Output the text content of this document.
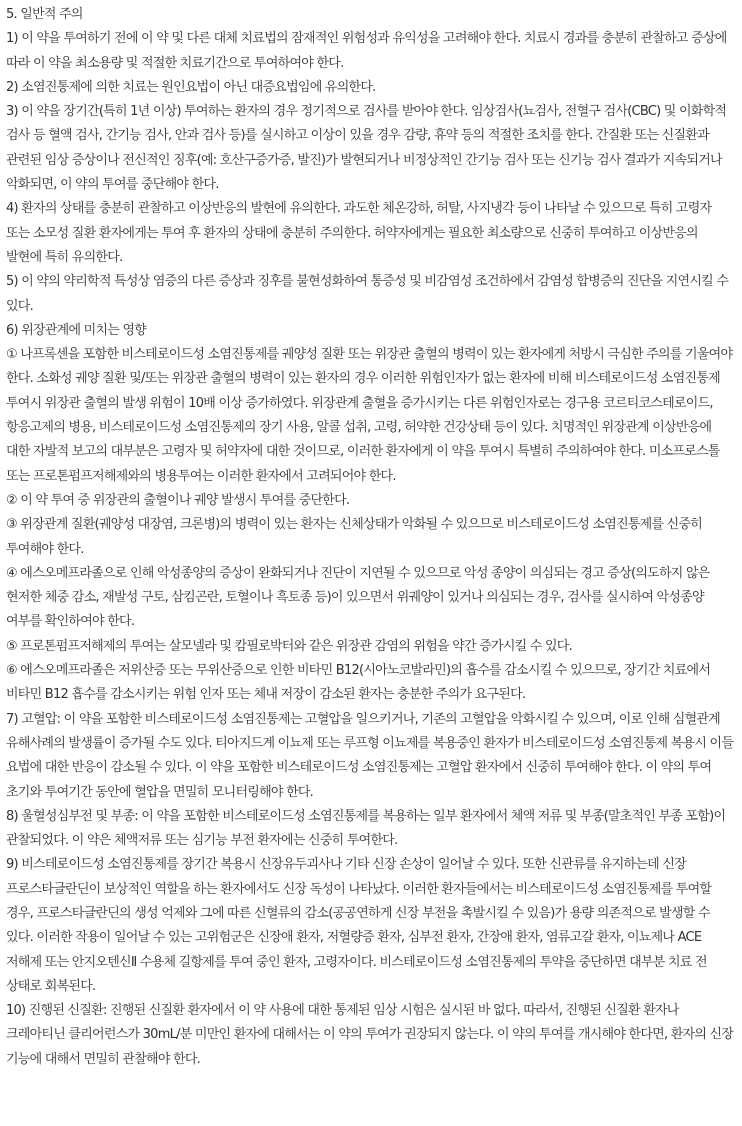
5. 일반적 주의

1) 이 약을 투여하기 전에 이 약 및 다른 대체 치료법의 잠재적인 위험성과 유익성을 고려해야 한다. 치료시 경과를 충분히 관찰하고 증상에 따라 이 약을 최소용량 및 적절한 치료기간으로 투여하여야 한다.

2) 소염진통제에 의한 치료는 원인요법이 아닌 대증요법임에 유의한다.

3) 이 약을 장기간(특히 1년 이상) 투여하는 환자의 경우 정기적으로 검사를 받아야 한다. 임상검사(뇨검사, 전혈구 검사(CBC) 및 이화학적 검사 등 혈액 검사, 간기능 검사, 안과 검사 등)를 실시하고 이상이 있을 경우 감량, 휴약 등의 적절한 조치를 한다. 간질환 또는 신질환과 관련된 임상 증상이나 전신적인 징후(예: 호산구증가증, 발진)가 발현되거나 비정상적인 간기능 검사 또는 신기능 검사 결과가 지속되거나 악화되면, 이 약의 투여를 중단해야 한다.

4) 환자의 상태를 충분히 관찰하고 이상반응의 발현에 유의한다. 과도한 체온강하, 허탈, 사지냉각 등이 나타날 수 있으므로 특히 고령자 또는 소모성 질환 환자에게는 투여 후 환자의 상태에 충분히 주의한다. 허약자에게는 필요한 최소량으로 신중히 투여하고 이상반응의 발현에 특히 유의한다.

5) 이 약의 약리학적 특성상 염증의 다른 증상과 징후를 불현성화하여 통증성 및 비감염성 조건하에서 감염성 합병증의 진단을 지연시킬 수 있다.

6) 위장관계에 미치는 영향

① 나프록센을 포함한 비스테로이드성 소염진통제를 궤양성 질환 또는 위장관 출혈의 병력이 있는 환자에게 처방시 극심한 주의를 기울여야 한다. 소화성 궤양 질환 및/또는 위장관 출혈의 병력이 있는 환자의 경우 이러한 위험인자가 없는 환자에 비해 비스테로이드성 소염진통제 투여시 위장관 출혈의 발생 위험이 10배 이상 증가하였다. 위장관계 출혈을 증가시키는 다른 위험인자로는 경구용 코르티코스테로이드, 항응고제의 병용, 비스테로이드성 소염진통제의 장기 사용, 알콜 섭취, 고령, 허약한 건강상태 등이 있다. 치명적인 위장관계 이상반응에 대한 자발적 보고의 대부분은 고령자 및 허약자에 대한 것이므로, 이러한 환자에게 이 약을 투여시 특별히 주의하여야 한다. 미소프로스톨 또는 프로톤펌프저해제와의 병용투여는 이러한 환자에서 고려되어야 한다.

② 이 약 투여 중 위장관의 출혈이나 궤양 발생시 투여를 중단한다.

③ 위장관계 질환(궤양성 대장염, 크론병)의 병력이 있는 환자는 신체상태가 악화될 수 있으므로 비스테로이드성 소염진통제를 신중히 투여해야 한다.

④ 에스오메프라졸으로 인해 악성종양의 증상이 완화되거나 진단이 지연될 수 있으므로 악성 종양이 의심되는 경고 증상(의도하지 않은 현저한 체중 감소, 재발성 구토, 삼킴곤란, 토혈이나 흑토종 등)이 있으면서 위궤양이 있거나 의심되는 경우, 검사를 실시하여 악성종양 여부를 확인하여야 한다.

⑤ 프로톤펌프저해제의 투여는 살모넬라 및 캄필로박터와 같은 위장관 감염의 위험을 약간 증가시킬 수 있다.

⑥ 에스오메프라졸은 저위산증 또는 무위산증으로 인한 비타민 B12(시아노코발라민)의 흡수를 감소시킬 수 있으므로, 장기간 치료에서 비타민 B12 흡수를 감소시키는 위험 인자 또는 체내 저장이 감소된 환자는 충분한 주의가 요구된다.

7) 고혈압: 이 약을 포함한 비스테로이드성 소염진통제는 고혈압을 일으키거나, 기존의 고혈압을 악화시킬 수 있으며, 이로 인해 심혈관계 유해사례의 발생률이 증가될 수도 있다. 티아지드계 이뇨제 또는 루프형 이뇨제를 복용중인 환자가 비스테로이드성 소염진통제 복용시 이들 요법에 대한 반응이 감소될 수 있다. 이 약을 포함한 비스테로이드성 소염진통제는 고혈압 환자에서 신중히 투여해야 한다. 이 약의 투여 초기와 투여기간 동안에 혈압을 면밀히 모니터링해야 한다.

8) 울혈성심부전 및 부종: 이 약을 포함한 비스테로이드성 소염진통제를 복용하는 일부 환자에서 체액 저류 및 부종(말초적인 부종 포함)이 관찰되었다. 이 약은 체액저류 또는 심기능 부전 환자에는 신중히 투여한다.

9) 비스테로이드성 소염진통제를 장기간 복용시 신장유두괴사나 기타 신장 손상이 일어날 수 있다. 또한 신관류를 유지하는데 신장 프로스타글란딘이 보상적인 역할을 하는 환자에서도 신장 독성이 나타났다. 이러한 환자들에서는 비스테로이드성 소염진통제를 투여할 경우, 프로스타글란딘의 생성 억제와 그에 따른 신혈류의 감소(공공연하게 신장 부전을 촉발시킬 수 있음)가 용량 의존적으로 발생할 수 있다. 이러한 작용이 일어날 수 있는 고위험군은 신장애 환자, 저혈량증 환자, 심부전 환자, 간장애 환자, 염류고갈 환자, 이뇨제나 ACE 저해제 또는 안지오텐신Ⅱ 수용체 길항제를 투여 중인 환자, 고령자이다. 비스테로이드성 소염진통제의 투약을 중단하면 대부분 치료 전 상태로 회복된다.

10) 진행된 신질환: 진행된 신질환 환자에서 이 약 사용에 대한 통제된 임상 시험은 실시된 바 없다. 따라서, 진행된 신질환 환자나 크레아티닌 클리어런스가 30mL/분 미만인 환자에 대해서는 이 약의 투여가 권장되지 않는다. 이 약의 투여를 개시해야 한다면, 환자의 신장 기능에 대해서 면밀히 관찰해야 한다.
